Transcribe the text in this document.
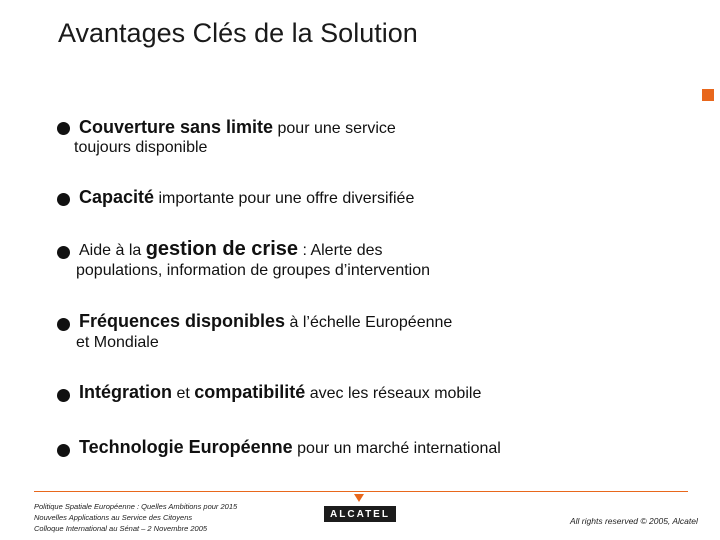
Avantages Clés de la Solution
Couverture sans limite pour une service
toujours disponible
Capacité importante pour une offre diversifiée
Aide à la gestion de crise : Alerte des
populations, information de groupes d’intervention
Fréquences disponibles à l’échelle Européenne
et Mondiale
Intégration et compatibilité avec les réseaux mobile
Technologie Européenne pour un marché international
Politique Spatiale Européenne : Quelles Ambitions pour 2015
Nouvelles Applications au Service des Citoyens
Colloque International au Sénat – 2 Novembre 2005
ALCATEL
All rights reserved © 2005, Alcatel
